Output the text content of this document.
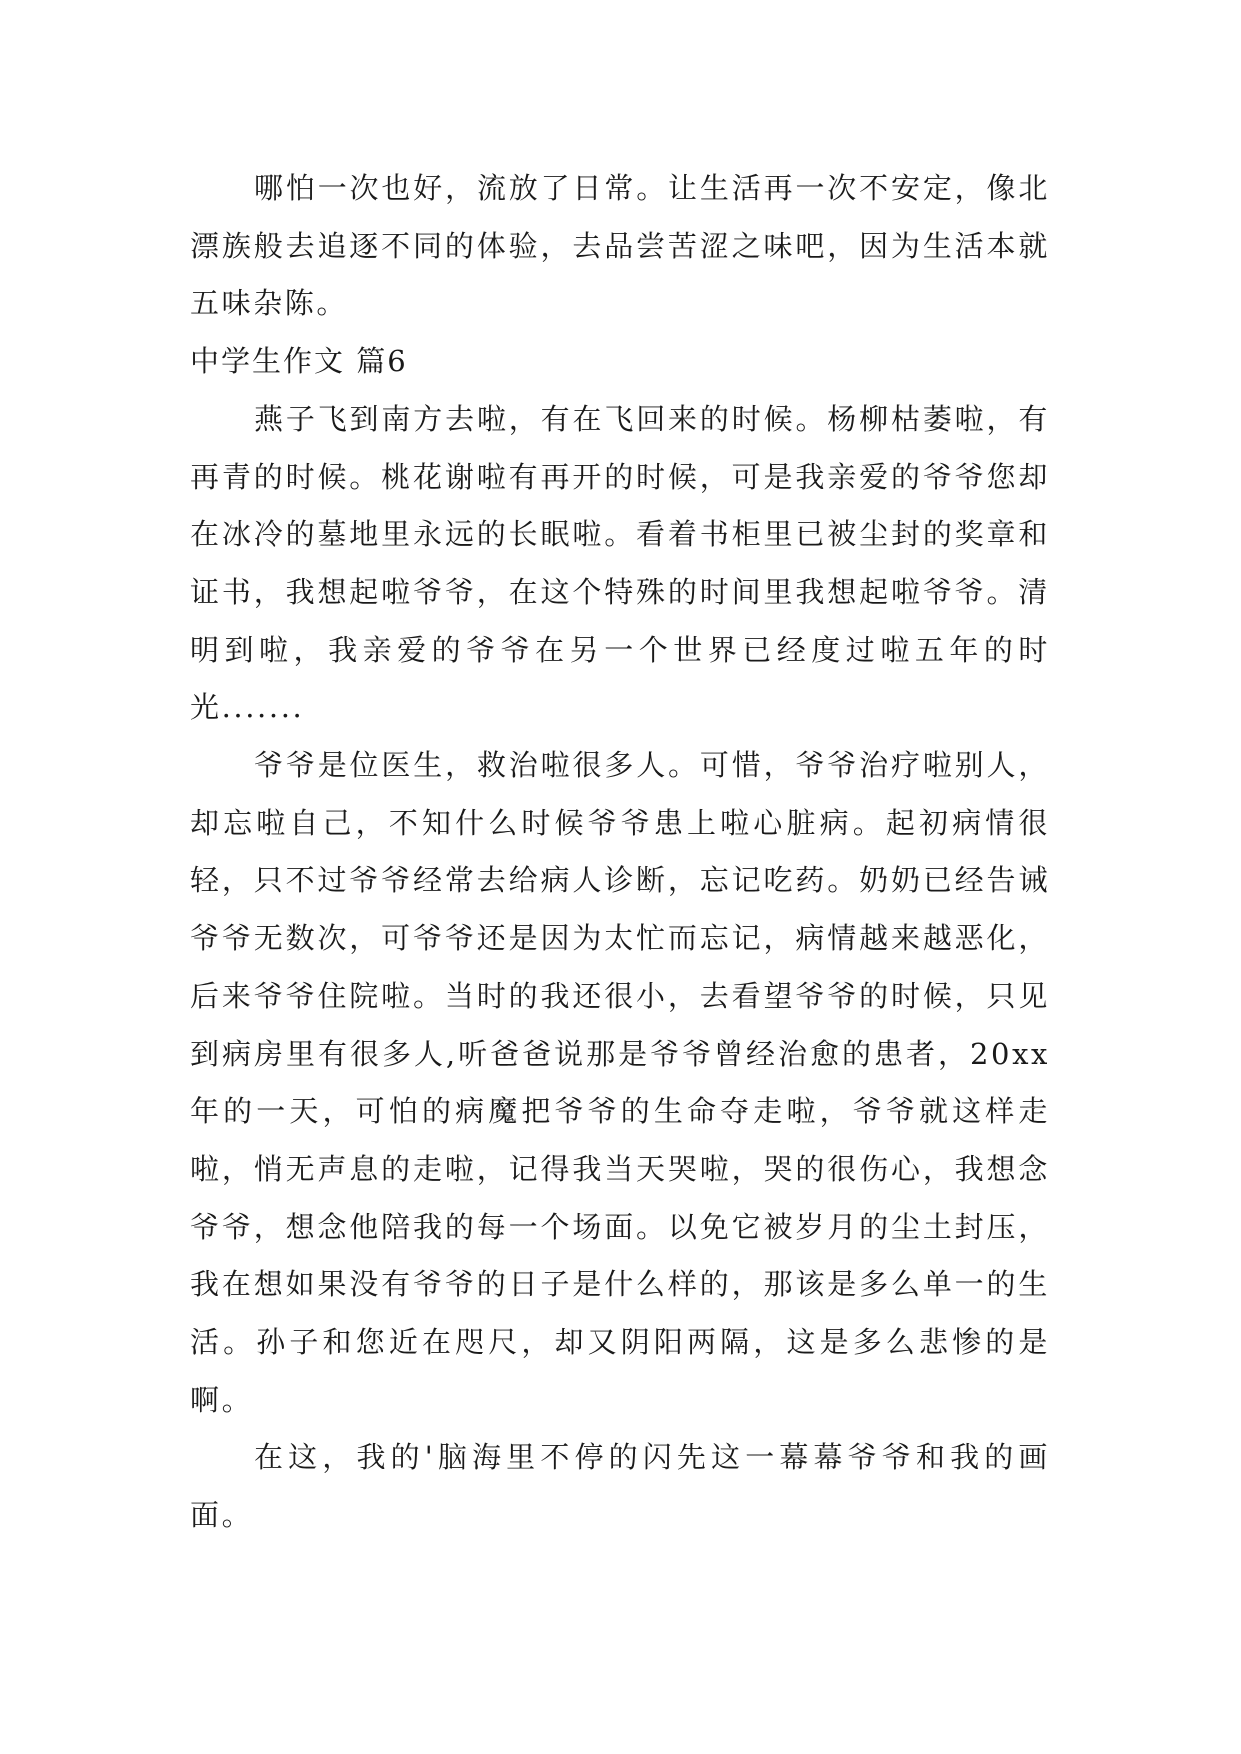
哪怕一次也好，流放了日常。让生活再一次不安定，像北漂族般去追逐不同的体验，去品尝苦涩之味吧，因为生活本就五味杂陈。

中学生作文 篇6

燕子飞到南方去啦，有在飞回来的时候。杨柳枯萎啦，有再青的时候。桃花谢啦有再开的时候，可是我亲爱的爷爷您却在冰冷的墓地里永远的长眠啦。看着书柜里已被尘封的奖章和证书，我想起啦爷爷，在这个特殊的时间里我想起啦爷爷。清明到啦，我亲爱的爷爷在另一个世界已经度过啦五年的时光.......

爷爷是位医生，救治啦很多人。可惜，爷爷治疗啦别人，却忘啦自己，不知什么时候爷爷患上啦心脏病。起初病情很轻，只不过爷爷经常去给病人诊断，忘记吃药。奶奶已经告诫爷爷无数次，可爷爷还是因为太忙而忘记，病情越来越恶化，后来爷爷住院啦。当时的我还很小，去看望爷爷的时候，只见到病房里有很多人,听爸爸说那是爷爷曾经治愈的患者，20xx年的一天，可怕的病魔把爷爷的生命夺走啦，爷爷就这样走啦，悄无声息的走啦，记得我当天哭啦，哭的很伤心，我想念爷爷，想念他陪我的每一个场面。以免它被岁月的尘土封压，我在想如果没有爷爷的日子是什么样的，那该是多么单一的生活。孙子和您近在咫尺，却又阴阳两隔，这是多么悲惨的是啊。

在这，我的'脑海里不停的闪先这一幕幕爷爷和我的画面。
